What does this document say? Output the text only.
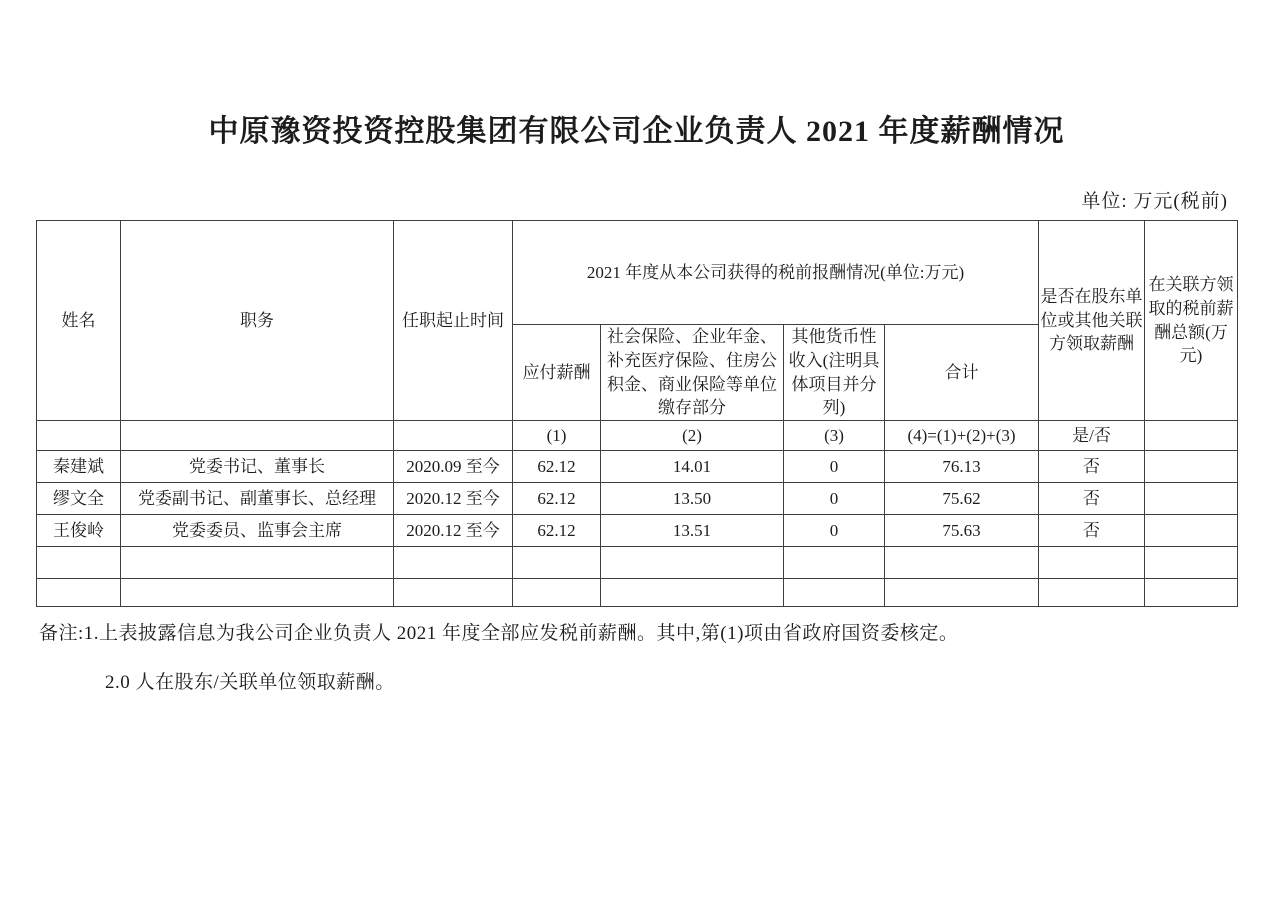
中原豫资投资控股集团有限公司企业负责人 2021 年度薪酬情况
单位: 万元(税前)
姓名	职务	任职起止时间	2021 年度从本公司获得的税前报酬情况(单位:万元)				是否在股东单位或其他关联方领取薪酬	在关联方领取的税前薪酬总额(万元)
			应付薪酬	社会保险、企业年金、补充医疗保险、住房公积金、商业保险等单位缴存部分	其他货币性收入(注明具体项目并分列)	合计		
			(1)	(2)	(3)	(4)=(1)+(2)+(3)	是/否	
秦建斌	党委书记、董事长	2020.09 至今	62.12	14.01	0	76.13	否	
缪文全	党委副书记、副董事长、总经理	2020.12 至今	62.12	13.50	0	75.62	否	
王俊岭	党委委员、监事会主席	2020.12 至今	62.12	13.51	0	75.63	否	

备注:1.上表披露信息为我公司企业负责人 2021 年度全部应发税前薪酬。其中,第(1)项由省政府国资委核定。
2.0 人在股东/关联单位领取薪酬。
